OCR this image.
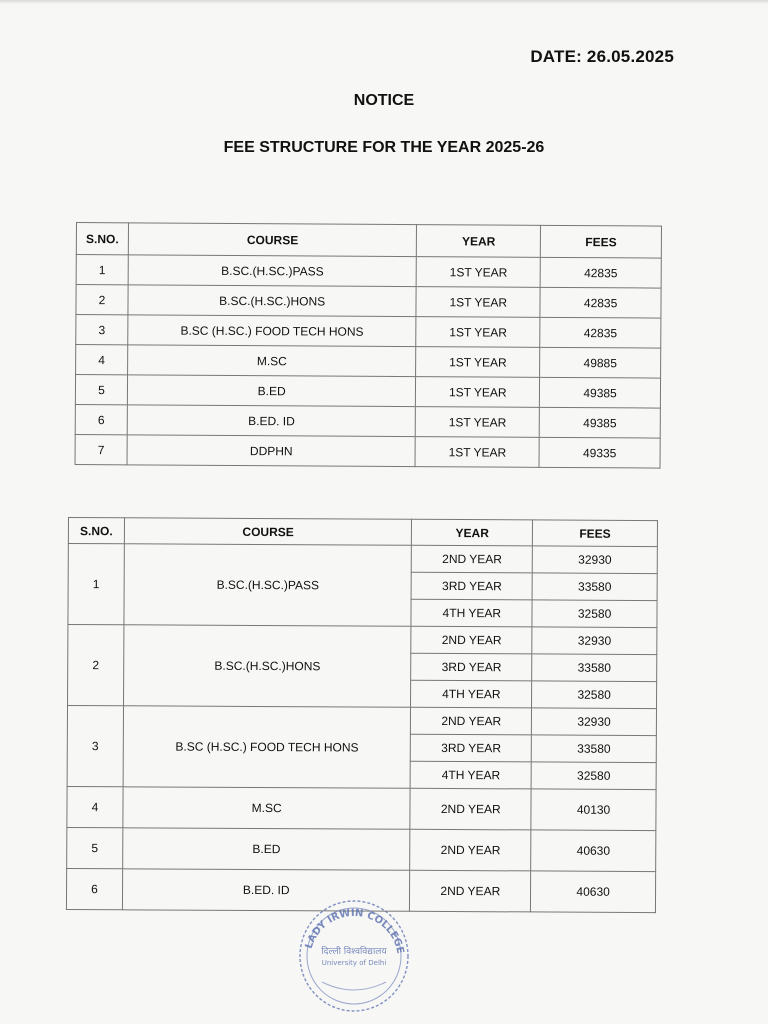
DATE: 26.05.2025
NOTICE
FEE STRUCTURE FOR THE YEAR 2025-26
S.NO.	COURSE	YEAR	FEES
1	B.SC.(H.SC.)PASS	1ST YEAR	42835
2	B.SC.(H.SC.)HONS	1ST YEAR	42835
3	B.SC (H.SC.) FOOD TECH HONS	1ST YEAR	42835
4	M.SC	1ST YEAR	49885
5	B.ED	1ST YEAR	49385
6	B.ED. ID	1ST YEAR	49385
7	DDPHN	1ST YEAR	49335
S.NO.	COURSE	YEAR	FEES
1	B.SC.(H.SC.)PASS	2ND YEAR	32930
		3RD YEAR	33580
		4TH YEAR	32580
2	B.SC.(H.SC.)HONS	2ND YEAR	32930
		3RD YEAR	33580
		4TH YEAR	32580
3	B.SC (H.SC.) FOOD TECH HONS	2ND YEAR	32930
		3RD YEAR	33580
		4TH YEAR	32580
4	M.SC	2ND YEAR	40130
5	B.ED	2ND YEAR	40630
6	B.ED. ID	2ND YEAR	40630
LADY IRWIN COLLEGE
दिल्ली विश्वविद्यालय
University of Delhi
